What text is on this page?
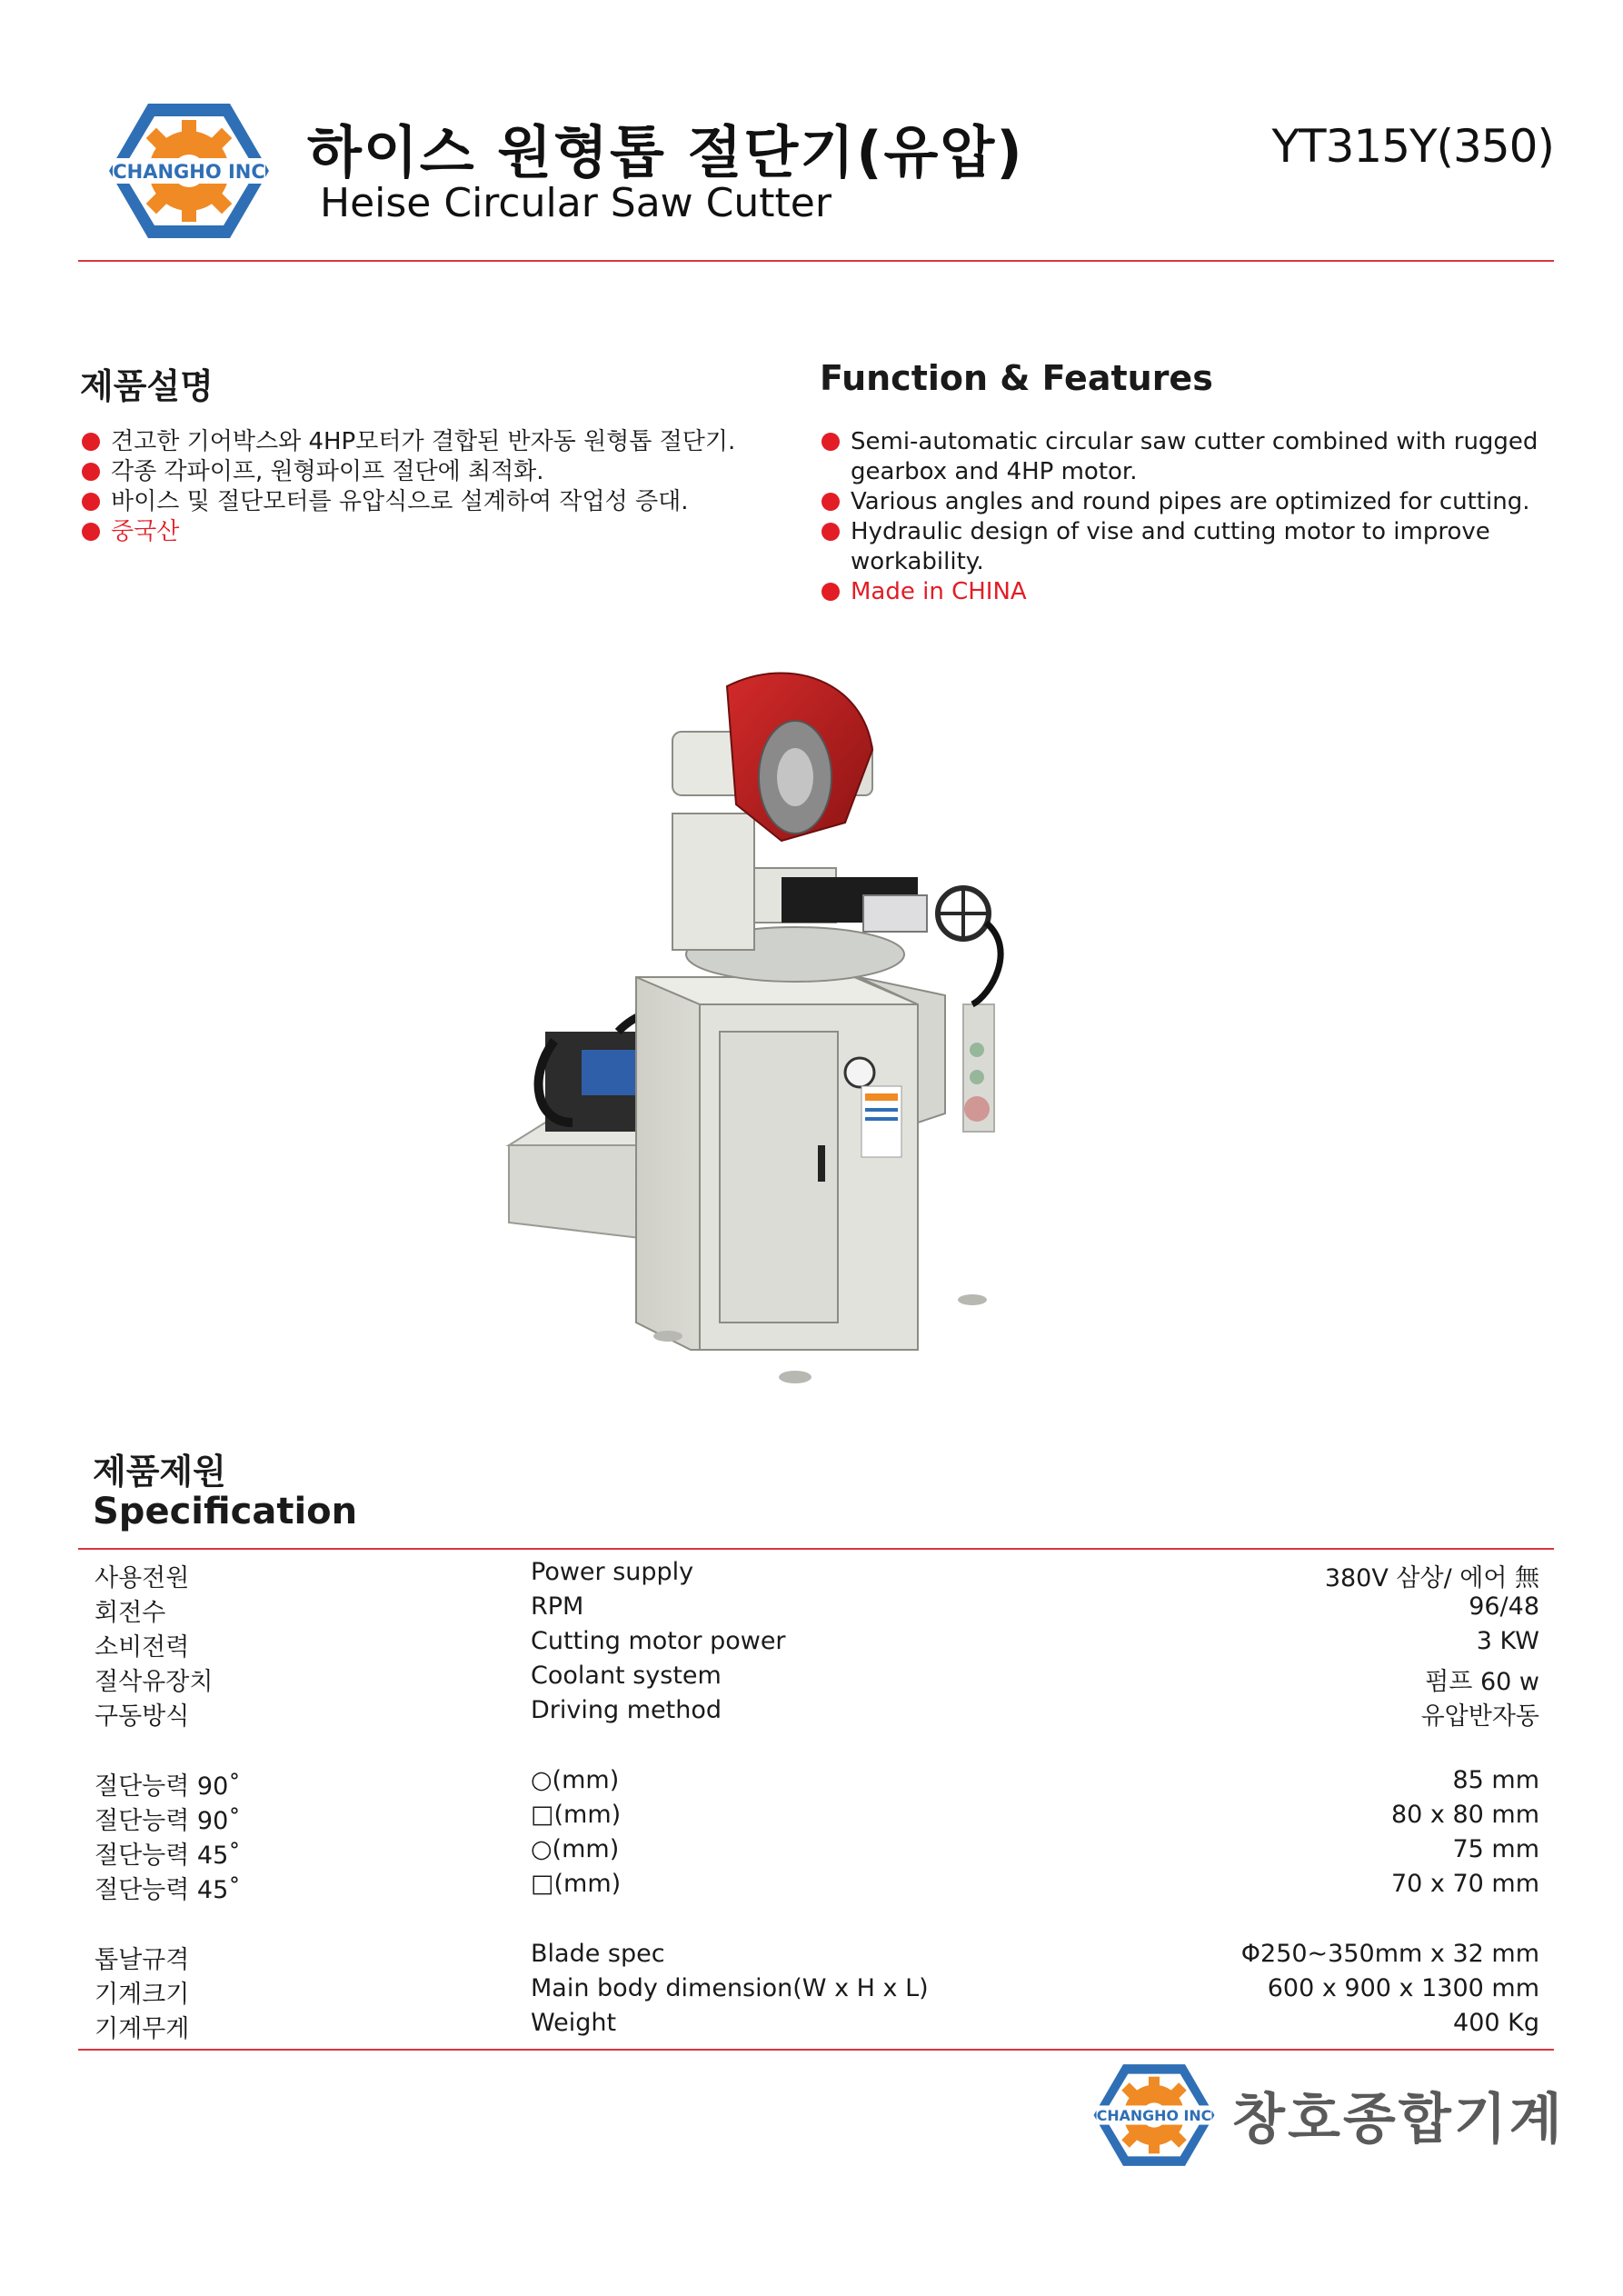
CHANGHO INC 하이스 원형톱 절단기(유압)
Heise Circular Saw Cutter
YT315Y(350)
제품설명
견고한 기어박스와 4HP모터가 결합된 반자동 원형톱 절단기.
각종 각파이프, 원형파이프 절단에 최적화.
바이스 및 절단모터를 유압식으로 설계하여 작업성 증대.
중국산
Function & Features
Semi-automatic circular saw cutter combined with rugged
gearbox and 4HP motor.
Various angles and round pipes are optimized for cutting.
Hydraulic design of vise and cutting motor to improve
workability.
Made in CHINA
제품제원
Specification
사용전원	Power supply	380V 삼상/ 에어 無
회전수	RPM	96/48
소비전력	Cutting motor power	3 KW
절삭유장치	Coolant system	펌프 60 w
구동방식	Driving method	유압반자동
절단능력 90˚	○(mm)	85 mm
절단능력 90˚	□(mm)	80 x 80 mm
절단능력 45˚	○(mm)	75 mm
절단능력 45˚	□(mm)	70 x 70 mm
톱날규격	Blade spec	Φ250~350mm x 32 mm
기계크기	Main body dimension(W x H x L)	600 x 900 x 1300 mm
기계무게	Weight	400 Kg
CHANGHO INC 창호종합기계
